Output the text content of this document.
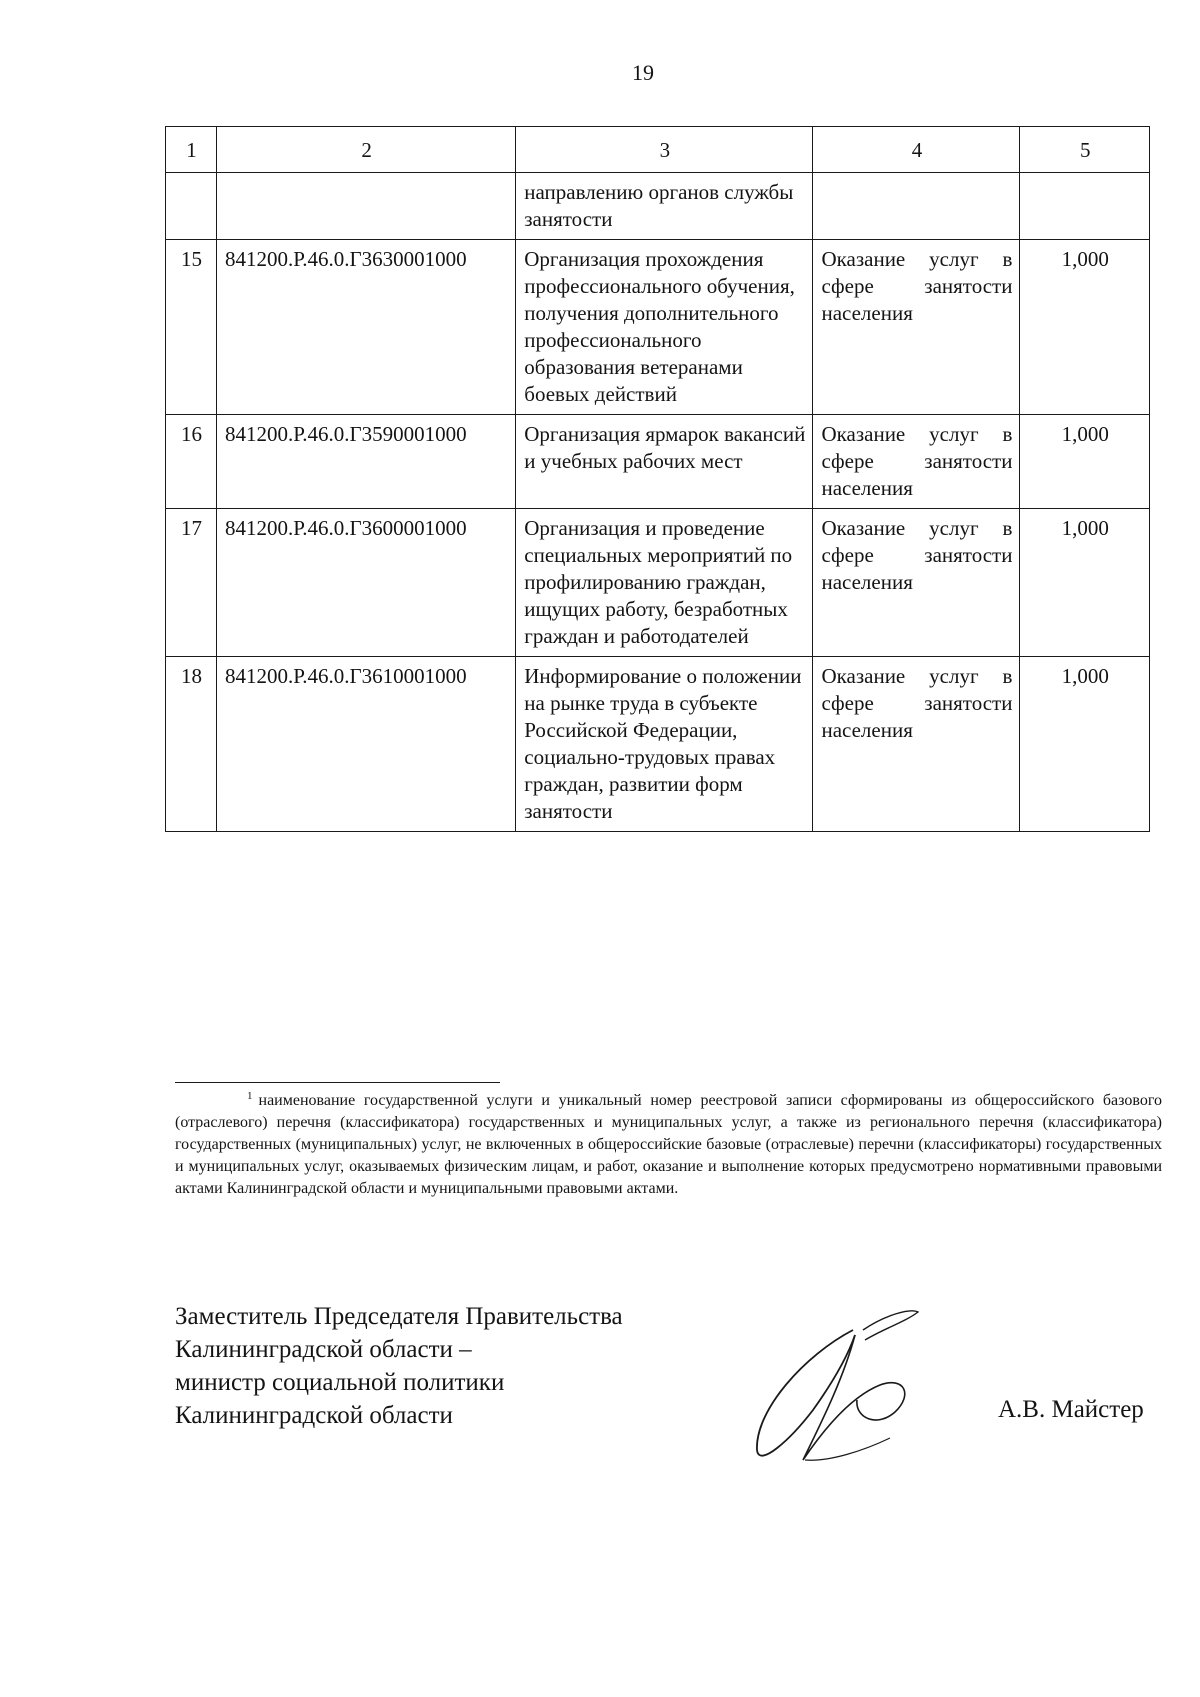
19
1	2	3	4	5
		направлению органов службы занятости		
15	841200.Р.46.0.Г3630001000	Организация прохождения профессионального обучения, получения дополнительного профессионального образования ветеранами боевых действий	Оказание услуг в сфере занятости населения	1,000
16	841200.Р.46.0.Г3590001000	Организация ярмарок вакансий и учебных рабочих мест	Оказание услуг в сфере занятости населения	1,000
17	841200.Р.46.0.Г3600001000	Организация и проведение специальных мероприятий по профилированию граждан, ищущих работу, безработных граждан и работодателей	Оказание услуг в сфере занятости населения	1,000
18	841200.Р.46.0.Г3610001000	Информирование о положении на рынке труда в субъекте Российской Федерации, социально-трудовых правах граждан, развитии форм занятости	Оказание услуг в сфере занятости населения	1,000
$^1$ наименование государственной услуги и уникальный номер реестровой записи сформированы из общероссийского базового (отраслевого) перечня (классификатора) государственных и муниципальных услуг, а также из регионального перечня (классификатора) государственных (муниципальных) услуг, не включенных в общероссийские базовые (отраслевые) перечни (классификаторы) государственных и муниципальных услуг, оказываемых физическим лицам, и работ, оказание и выполнение которых предусмотрено нормативными правовыми актами Калининградской области и муниципальными правовыми актами.
Заместитель Председателя Правительства
Калининградской области –
министр социальной политики
Калининградской области	А.В. Майстер
